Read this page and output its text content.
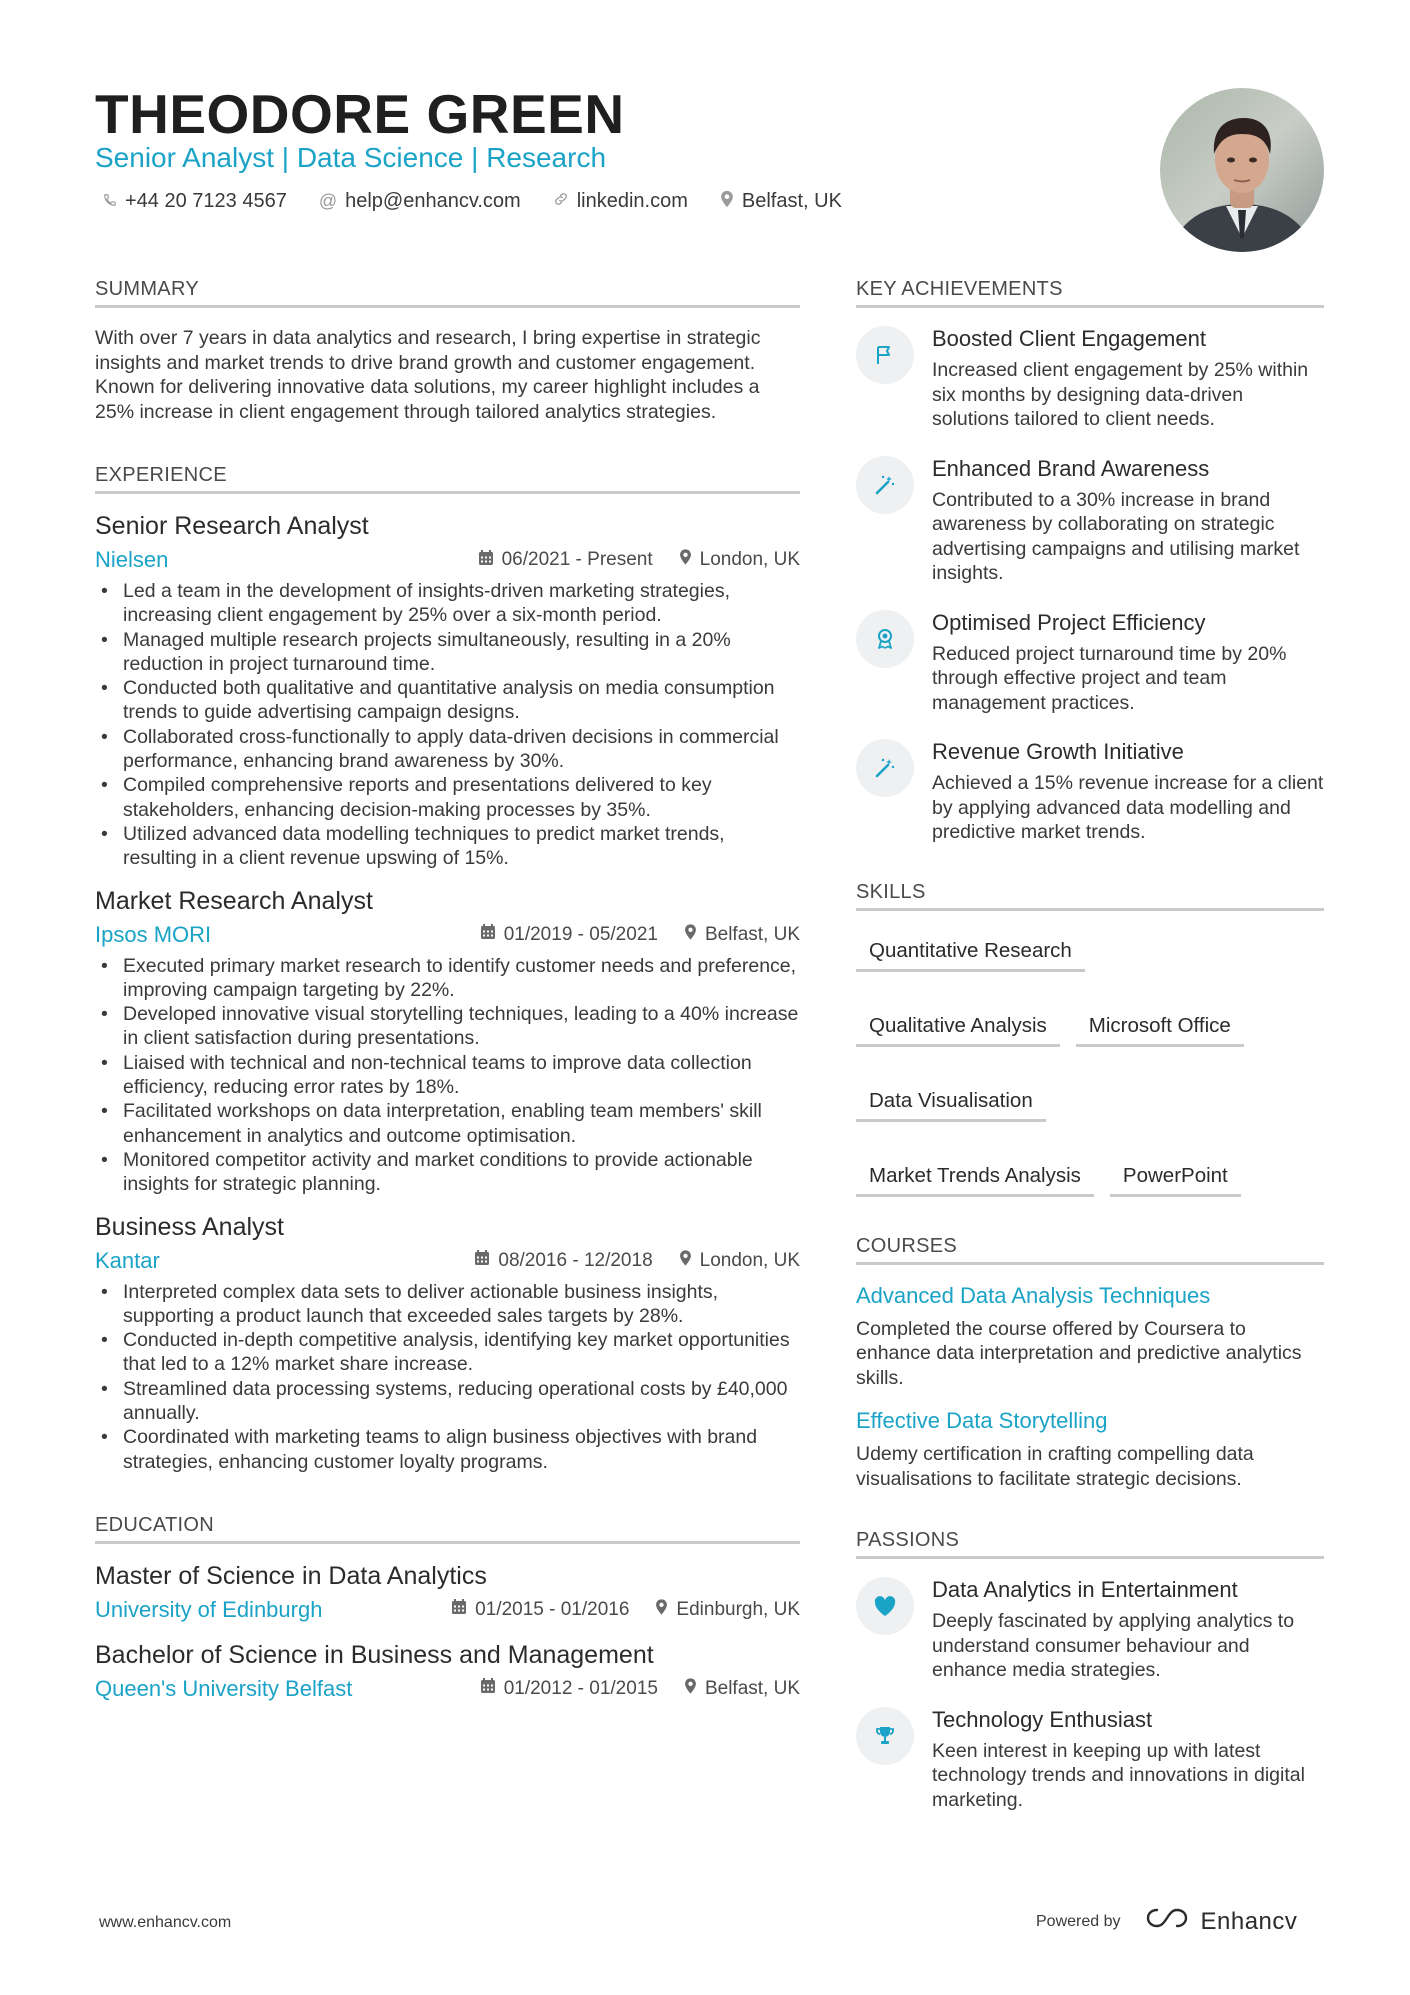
THEODORE GREEN
Senior Analyst | Data Science | Research
+44 20 7123 4567 @ help@enhancv.com	linkedin.com	Belfast, UK
SUMMARY

With over 7 years in data analytics and research, I bring expertise in strategic insights and market trends to drive brand growth and customer engagement. Known for delivering innovative data solutions, my career highlight includes a 25% increase in client engagement through tailored analytics strategies.

EXPERIENCE
Senior Research Analyst
Nielsen	06/2021 - Present London, UK
• Led a team in the development of insights-driven marketing strategies, increasing client engagement by 25% over a six-month period.
• Managed multiple research projects simultaneously, resulting in a 20% reduction in project turnaround time.
• Conducted both qualitative and quantitative analysis on media consumption trends to guide advertising campaign designs.
• Collaborated cross-functionally to apply data-driven decisions in commercial performance, enhancing brand awareness by 30%.
• Compiled comprehensive reports and presentations delivered to key stakeholders, enhancing decision-making processes by 35%.
• Utilized advanced data modelling techniques to predict market trends, resulting in a client revenue upswing of 15%.
Market Research Analyst
Ipsos MORI	01/2019 - 05/2021 Belfast, UK
• Executed primary market research to identify customer needs and preference, improving campaign targeting by 22%.
• Developed innovative visual storytelling techniques, leading to a 40% increase in client satisfaction during presentations.
• Liaised with technical and non-technical teams to improve data collection efficiency, reducing error rates by 18%.
• Facilitated workshops on data interpretation, enabling team members' skill enhancement in analytics and outcome optimisation.
• Monitored competitor activity and market conditions to provide actionable insights for strategic planning.
Business Analyst
Kantar	08/2016 - 12/2018 London, UK
• Interpreted complex data sets to deliver actionable business insights, supporting a product launch that exceeded sales targets by 28%.
• Conducted in-depth competitive analysis, identifying key market opportunities that led to a 12% market share increase.
• Streamlined data processing systems, reducing operational costs by £40,000 annually.
• Coordinated with marketing teams to align business objectives with brand strategies, enhancing customer loyalty programs.
EDUCATION
Master of Science in Data Analytics
University of Edinburgh	01/2015 - 01/2016 Edinburgh, UK
Bachelor of Science in Business and Management
Queen's University Belfast	01/2012 - 01/2015 Belfast, UK
KEY ACHIEVEMENTS
Boosted Client Engagement
Increased client engagement by 25% within six months by designing data-driven solutions tailored to client needs.
Enhanced Brand Awareness
Contributed to a 30% increase in brand awareness by collaborating on strategic advertising campaigns and utilising market insights.
Optimised Project Efficiency
Reduced project turnaround time by 20% through effective project and team management practices.
Revenue Growth Initiative
Achieved a 15% revenue increase for a client by applying advanced data modelling and predictive market trends.
SKILLS
Quantitative Research
Qualitative Analysis	Microsoft Office
Data Visualisation
Market Trends Analysis	PowerPoint
COURSES
Advanced Data Analysis Techniques
Completed the course offered by Coursera to enhance data interpretation and predictive analytics skills.
Effective Data Storytelling
Udemy certification in crafting compelling data visualisations to facilitate strategic decisions.
PASSIONS
Data Analytics in Entertainment
Deeply fascinated by applying analytics to understand consumer behaviour and enhance media strategies.
Technology Enthusiast
Keen interest in keeping up with latest technology trends and innovations in digital marketing.
www.enhancv.com	Powered by	Enhancv
